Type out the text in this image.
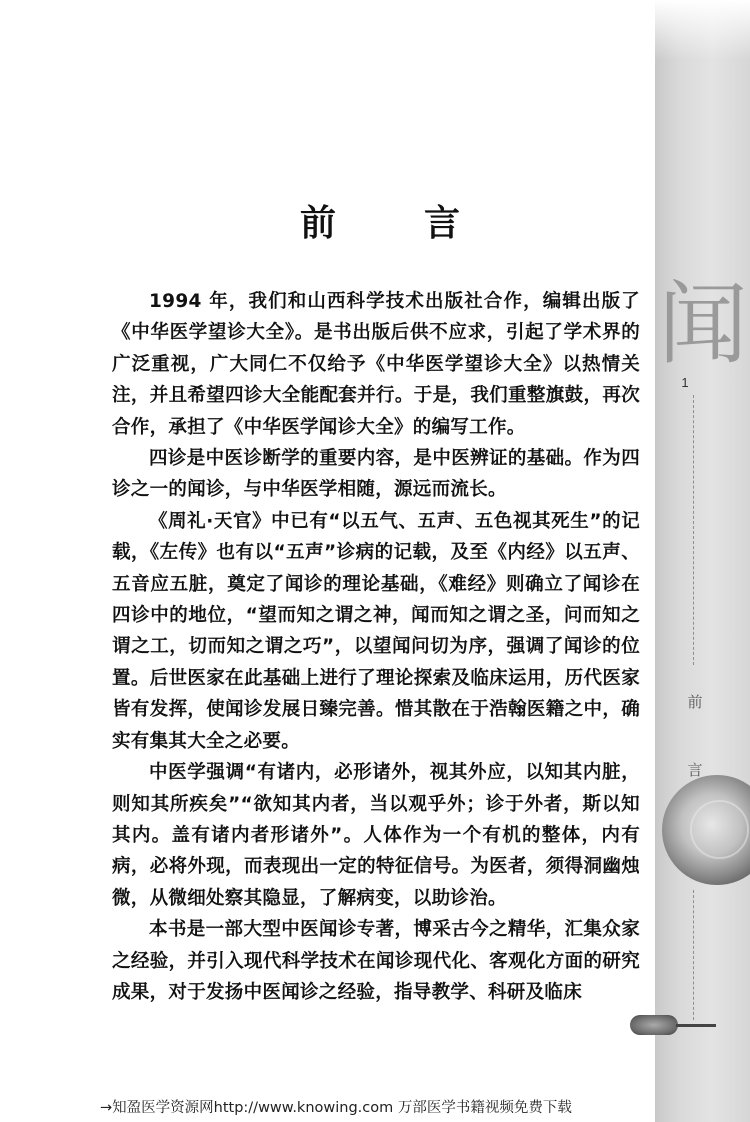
闻
1
前
言
前 言

1994 年，我们和山西科学技术出版社合作，编辑出版了《中华医学望诊大全》。是书出版后供不应求，引起了学术界的广泛重视，广大同仁不仅给予《中华医学望诊大全》以热情关注，并且希望四诊大全能配套并行。于是，我们重整旗鼓，再次合作，承担了《中华医学闻诊大全》的编写工作。

四诊是中医诊断学的重要内容，是中医辨证的基础。作为四诊之一的闻诊，与中华医学相随，源远而流长。

《周礼·天官》中已有“以五气、五声、五色视其死生”的记载，《左传》也有以“五声”诊病的记载，及至《内经》以五声、五音应五脏，奠定了闻诊的理论基础，《难经》则确立了闻诊在四诊中的地位，“望而知之谓之神，闻而知之谓之圣，问而知之谓之工，切而知之谓之巧”，以望闻问切为序，强调了闻诊的位置。后世医家在此基础上进行了理论探索及临床运用，历代医家皆有发挥，使闻诊发展日臻完善。惜其散在于浩翰医籍之中，确实有集其大全之必要。

中医学强调“有诸内，必形诸外，视其外应，以知其内脏，则知其所疾矣”“欲知其内者，当以观乎外；诊于外者，斯以知其内。盖有诸内者形诸外”。人体作为一个有机的整体，内有病，必将外现，而表现出一定的特征信号。为医者，须得洞幽烛微，从微细处察其隐显，了解病变，以助诊治。

本书是一部大型中医闻诊专著，博采古今之精华，汇集众家之经验，并引入现代科学技术在闻诊现代化、客观化方面的研究成果，对于发扬中医闻诊之经验，指导教学、科研及临床

→知盈医学资源网http://www.knowing.com 万部医学书籍视频免费下载
